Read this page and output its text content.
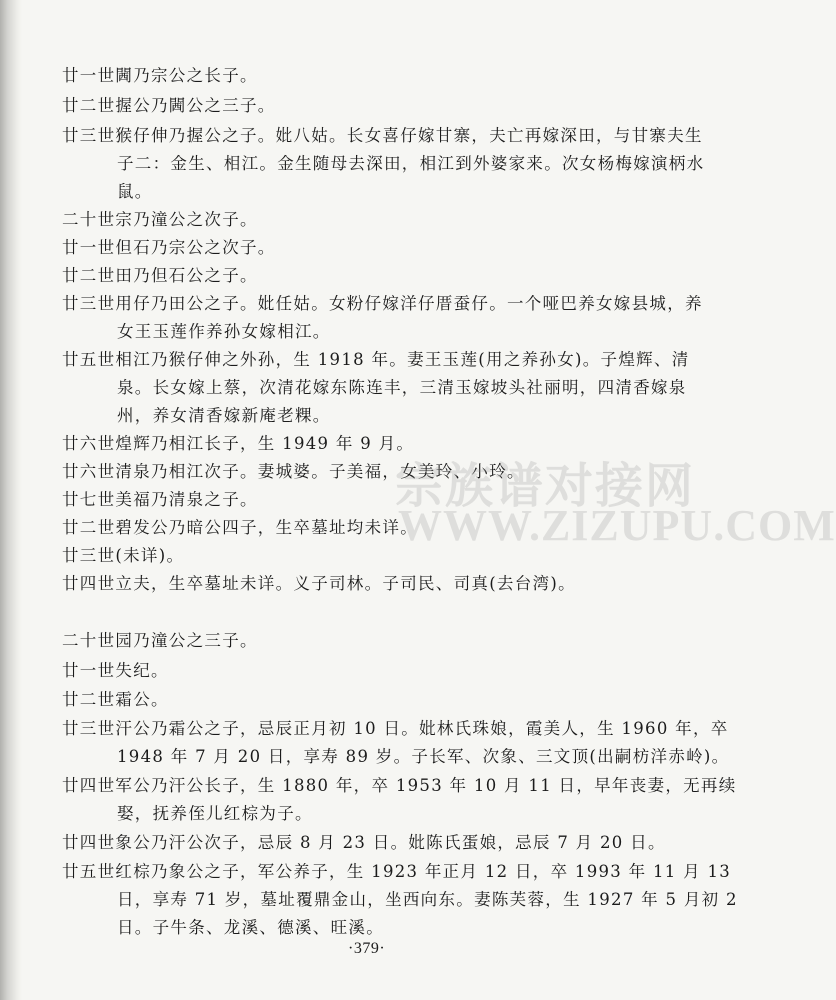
廿一世閪乃宗公之长子。
廿二世握公乃閪公之三子。
廿三世猴仔伸乃握公之子。妣八姑。长女喜仔嫁甘寨，夫亡再嫁深田，与甘寨夫生
子二：金生、相江。金生随母去深田，相江到外婆家来。次女杨梅嫁演柄水
鼠。
二十世宗乃潼公之次子。
廿一世但石乃宗公之次子。
廿二世田乃但石公之子。
廿三世用仔乃田公之子。妣任姑。女粉仔嫁洋仔厝蚕仔。一个哑巴养女嫁县城，养
女王玉莲作养孙女嫁相江。
廿五世相江乃猴仔伸之外孙，生 1918 年。妻王玉莲(用之养孙女)。子煌辉、清
泉。长女嫁上蔡，次清花嫁东陈连丰，三清玉嫁坡头社丽明，四清香嫁泉
州，养女清香嫁新庵老粿。
廿六世煌辉乃相江长子，生 1949 年 9 月。
廿六世清泉乃相江次子。妻城婆。子美福，女美玲、小玲。
廿七世美福乃清泉之子。
廿二世碧发公乃暗公四子，生卒墓址均未详。
廿三世(未详)。
廿四世立夫，生卒墓址未详。义子司林。子司民、司真(去台湾)。
二十世园乃潼公之三子。
廿一世失纪。
廿二世霜公。
廿三世汗公乃霜公之子，忌辰正月初 10 日。妣林氏珠娘，霞美人，生 1960 年，卒
1948 年 7 月 20 日，享寿 89 岁。子长军、次象、三文顶(出嗣枋洋赤岭)。
廿四世军公乃汗公长子，生 1880 年，卒 1953 年 10 月 11 日，早年丧妻，无再续
娶，抚养侄儿红棕为子。
廿四世象公乃汗公次子，忌辰 8 月 23 日。妣陈氏蛋娘，忌辰 7 月 20 日。
廿五世红棕乃象公之子，军公养子，生 1923 年正月 12 日，卒 1993 年 11 月 13
日，享寿 71 岁，墓址覆鼎金山，坐西向东。妻陈芙蓉，生 1927 年 5 月初 2
日。子牛条、龙溪、德溪、旺溪。
·379·
宗族谱对接网
WWW.ZIZUPU.COM
